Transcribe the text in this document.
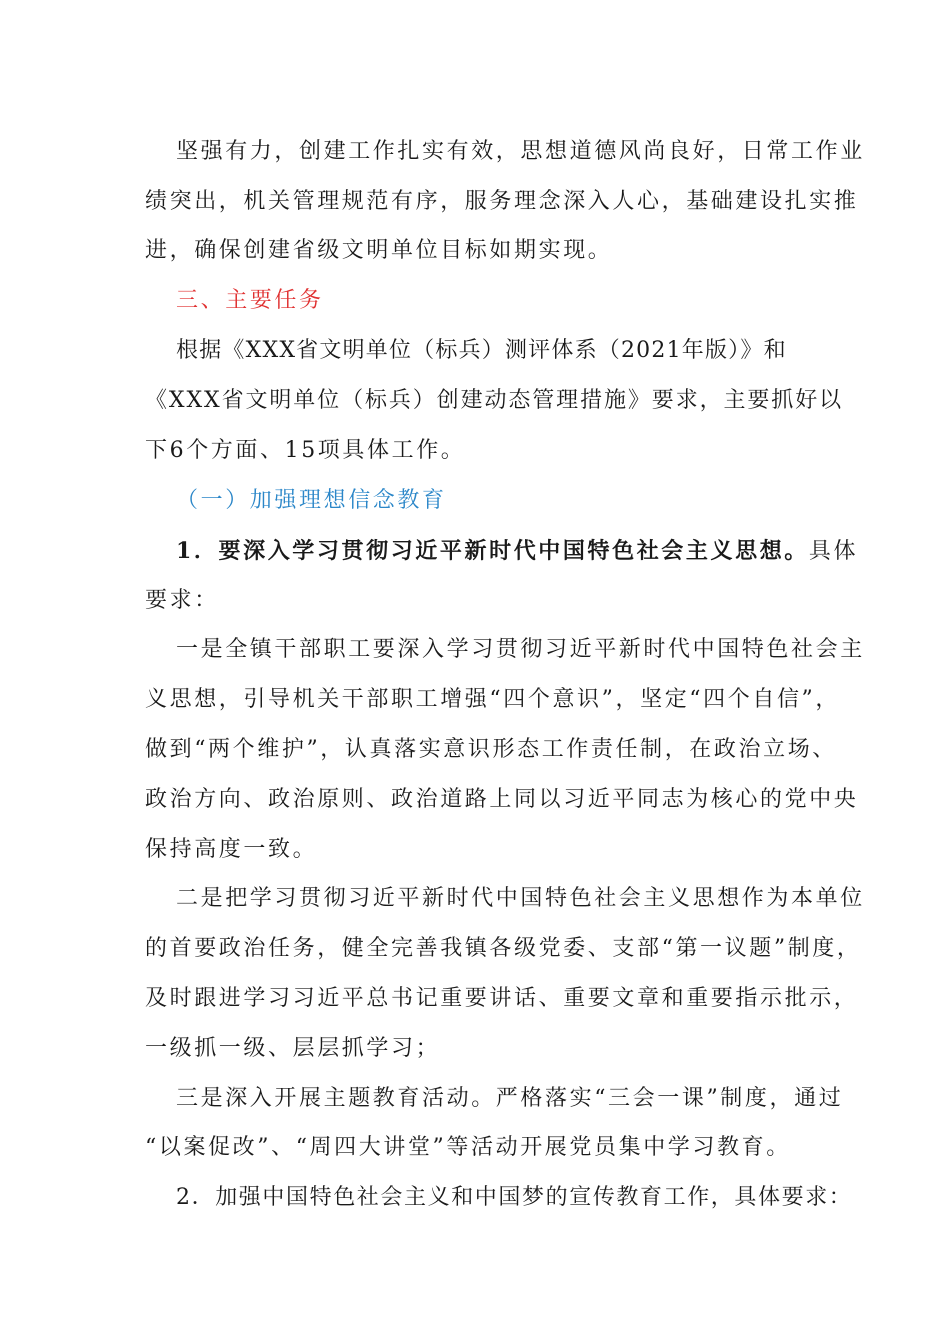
坚强有力，创建工作扎实有效，思想道德风尚良好，日常工作业
绩突出，机关管理规范有序，服务理念深入人心，基础建设扎实推
进，确保创建省级文明单位目标如期实现。
三、主要任务
根据《XXX省文明单位（标兵）测评体系（2021年版）》和
《XXX省文明单位（标兵）创建动态管理措施》要求，主要抓好以
下6个方面、15项具体工作。
（一）加强理想信念教育
1．要深入学习贯彻习近平新时代中国特色社会主义思想。具体
要求：
一是全镇干部职工要深入学习贯彻习近平新时代中国特色社会主
义思想，引导机关干部职工增强“四个意识”，坚定“四个自信”，
做到“两个维护”，认真落实意识形态工作责任制，在政治立场、
政治方向、政治原则、政治道路上同以习近平同志为核心的党中央
保持高度一致。
二是把学习贯彻习近平新时代中国特色社会主义思想作为本单位
的首要政治任务，健全完善我镇各级党委、支部“第一议题”制度，
及时跟进学习习近平总书记重要讲话、重要文章和重要指示批示，
一级抓一级、层层抓学习；
三是深入开展主题教育活动。严格落实“三会一课”制度，通过
“以案促改”、“周四大讲堂”等活动开展党员集中学习教育。
2．加强中国特色社会主义和中国梦的宣传教育工作，具体要求：
